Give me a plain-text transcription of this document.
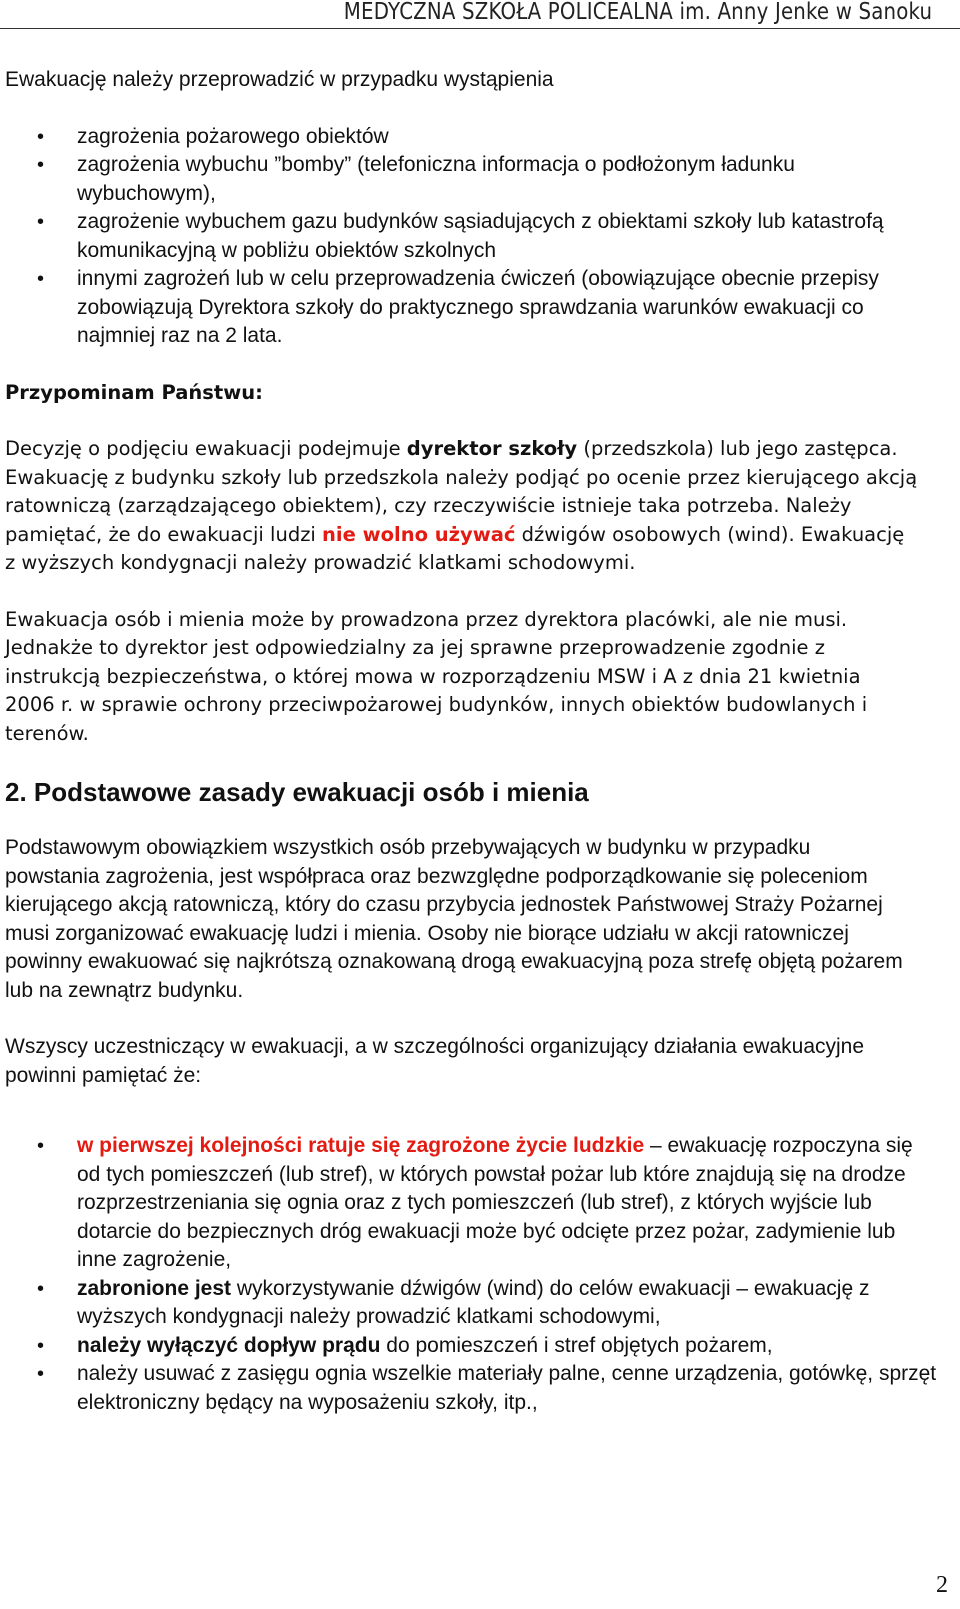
MEDYCZNA SZKOŁA POLICEALNA im. Anny Jenke w Sanoku

Ewakuację należy przeprowadzić w przypadku wystąpienia

• zagrożenia pożarowego obiektów
• zagrożenia wybuchu ”bomby” (telefoniczna informacja o podłożonym ładunku wybuchowym),
• zagrożenie wybuchem gazu budynków sąsiadujących z obiektami szkoły lub katastrofą komunikacyjną w pobliżu obiektów szkolnych
• innymi zagrożeń lub w celu przeprowadzenia ćwiczeń (obowiązujące obecnie przepisy zobowiązują Dyrektora szkoły do praktycznego sprawdzania warunków ewakuacji co najmniej raz na 2 lata.

Przypominam Państwu:

Decyzję o podjęciu ewakuacji podejmuje dyrektor szkoły (przedszkola) lub jego zastępca. Ewakuację z budynku szkoły lub przedszkola należy podjąć po ocenie przez kierującego akcją ratowniczą (zarządzającego obiektem), czy rzeczywiście istnieje taka potrzeba. Należy pamiętać, że do ewakuacji ludzi nie wolno używać dźwigów osobowych (wind). Ewakuację z wyższych kondygnacji należy prowadzić klatkami schodowymi.

Ewakuacja osób i mienia może by prowadzona przez dyrektora placówki, ale nie musi. Jednakże to dyrektor jest odpowiedzialny za jej sprawne przeprowadzenie zgodnie z instrukcją bezpieczeństwa, o której mowa w rozporządzeniu MSW i A z dnia 21 kwietnia 2006 r. w sprawie ochrony przeciwpożarowej budynków, innych obiektów budowlanych i terenów.

2. Podstawowe zasady ewakuacji osób i mienia

Podstawowym obowiązkiem wszystkich osób przebywających w budynku w przypadku powstania zagrożenia, jest współpraca oraz bezwzględne podporządkowanie się poleceniom kierującego akcją ratowniczą, który do czasu przybycia jednostek Państwowej Straży Pożarnej musi zorganizować ewakuację ludzi i mienia. Osoby nie biorące udziału w akcji ratowniczej powinny ewakuować się najkrótszą oznakowaną drogą ewakuacyjną poza strefę objętą pożarem lub na zewnątrz budynku.

Wszyscy uczestniczący w ewakuacji, a w szczególności organizujący działania ewakuacyjne powinni pamiętać że:

• w pierwszej kolejności ratuje się zagrożone życie ludzkie – ewakuację rozpoczyna się od tych pomieszczeń (lub stref), w których powstał pożar lub które znajdują się na drodze rozprzestrzeniania się ognia oraz z tych pomieszczeń (lub stref), z których wyjście lub dotarcie do bezpiecznych dróg ewakuacji może być odcięte przez pożar, zadymienie lub inne zagrożenie,
• zabronione jest wykorzystywanie dźwigów (wind) do celów ewakuacji – ewakuację z wyższych kondygnacji należy prowadzić klatkami schodowymi,
• należy wyłączyć dopływ prądu do pomieszczeń i stref objętych pożarem,
• należy usuwać z zasięgu ognia wszelkie materiały palne, cenne urządzenia, gotówkę, sprzęt elektroniczny będący na wyposażeniu szkoły, itp.,
2
